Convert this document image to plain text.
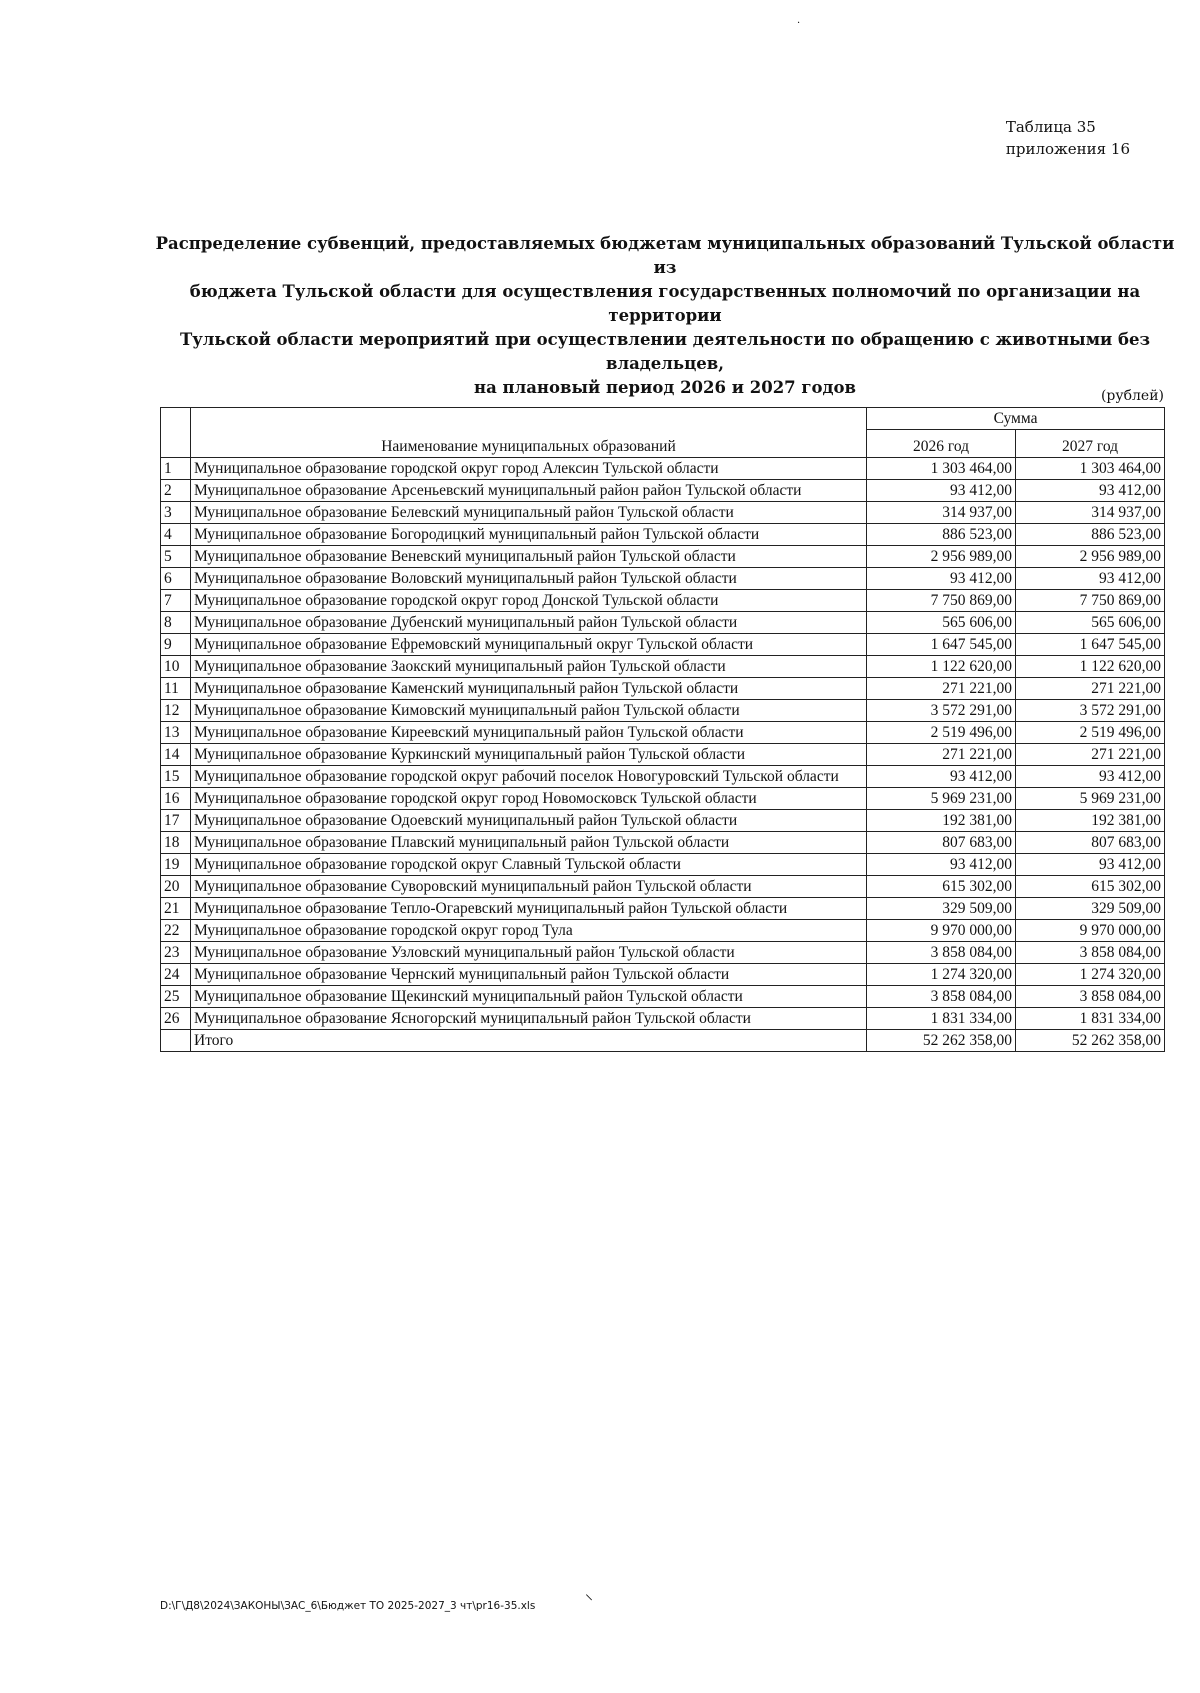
·
Таблица 35
приложения 16
Распределение субвенций, предоставляемых бюджетам муниципальных образований Тульской области из
бюджета Тульской области для осуществления государственных полномочий по организации на территории
Тульской области мероприятий при осуществлении деятельности по обращению с животными без владельцев,
на плановый период 2026 и 2027 годов	(рублей)
	Наименование муниципальных образований	Сумма	
		2026 год	2027 год
1	Муниципальное образование городской округ город Алексин Тульской области	1 303 464,00	1 303 464,00
2	Муниципальное образование Арсеньевский муниципальный район район Тульской области	93 412,00	93 412,00
3	Муниципальное образование Белевский муниципальный район Тульской области	314 937,00	314 937,00
4	Муниципальное образование Богородицкий муниципальный район Тульской области	886 523,00	886 523,00
5	Муниципальное образование Веневский муниципальный район Тульской области	2 956 989,00	2 956 989,00
6	Муниципальное образование Воловский муниципальный район Тульской области	93 412,00	93 412,00
7	Муниципальное образование городской округ город Донской Тульской области	7 750 869,00	7 750 869,00
8	Муниципальное образование Дубенский муниципальный район Тульской области	565 606,00	565 606,00
9	Муниципальное образование Ефремовский муниципальный округ Тульской области	1 647 545,00	1 647 545,00
10	Муниципальное образование Заокский муниципальный район Тульской области	1 122 620,00	1 122 620,00
11	Муниципальное образование Каменский муниципальный район Тульской области	271 221,00	271 221,00
12	Муниципальное образование Кимовский муниципальный район Тульской области	3 572 291,00	3 572 291,00
13	Муниципальное образование Киреевский муниципальный район Тульской области	2 519 496,00	2 519 496,00
14	Муниципальное образование Куркинский муниципальный район Тульской области	271 221,00	271 221,00
15	Муниципальное образование городской округ рабочий поселок Новогуровский Тульской области	93 412,00	93 412,00
16	Муниципальное образование городской округ город Новомосковск Тульской области	5 969 231,00	5 969 231,00
17	Муниципальное образование Одоевский муниципальный район Тульской области	192 381,00	192 381,00
18	Муниципальное образование Плавский муниципальный район Тульской области	807 683,00	807 683,00
19	Муниципальное образование городской округ Славный Тульской области	93 412,00	93 412,00
20	Муниципальное образование Суворовский муниципальный район Тульской области	615 302,00	615 302,00
21	Муниципальное образование Тепло-Огаревский муниципальный район Тульской области	329 509,00	329 509,00
22	Муниципальное образование городской округ город Тула	9 970 000,00	9 970 000,00
23	Муниципальное образование Узловский муниципальный район Тульской области	3 858 084,00	3 858 084,00
24	Муниципальное образование Чернский муниципальный район Тульской области	1 274 320,00	1 274 320,00
25	Муниципальное образование Щекинский муниципальный район Тульской области	3 858 084,00	3 858 084,00
26	Муниципальное образование Ясногорский муниципальный район Тульской области	1 831 334,00	1 831 334,00
	Итого	52 262 358,00	52 262 358,00
D:\Г\Д8\2024\ЗАКОНЫ\ЗАС_6\Бюджет ТО 2025-2027_3 чт\pr16-35.xls
⸜
